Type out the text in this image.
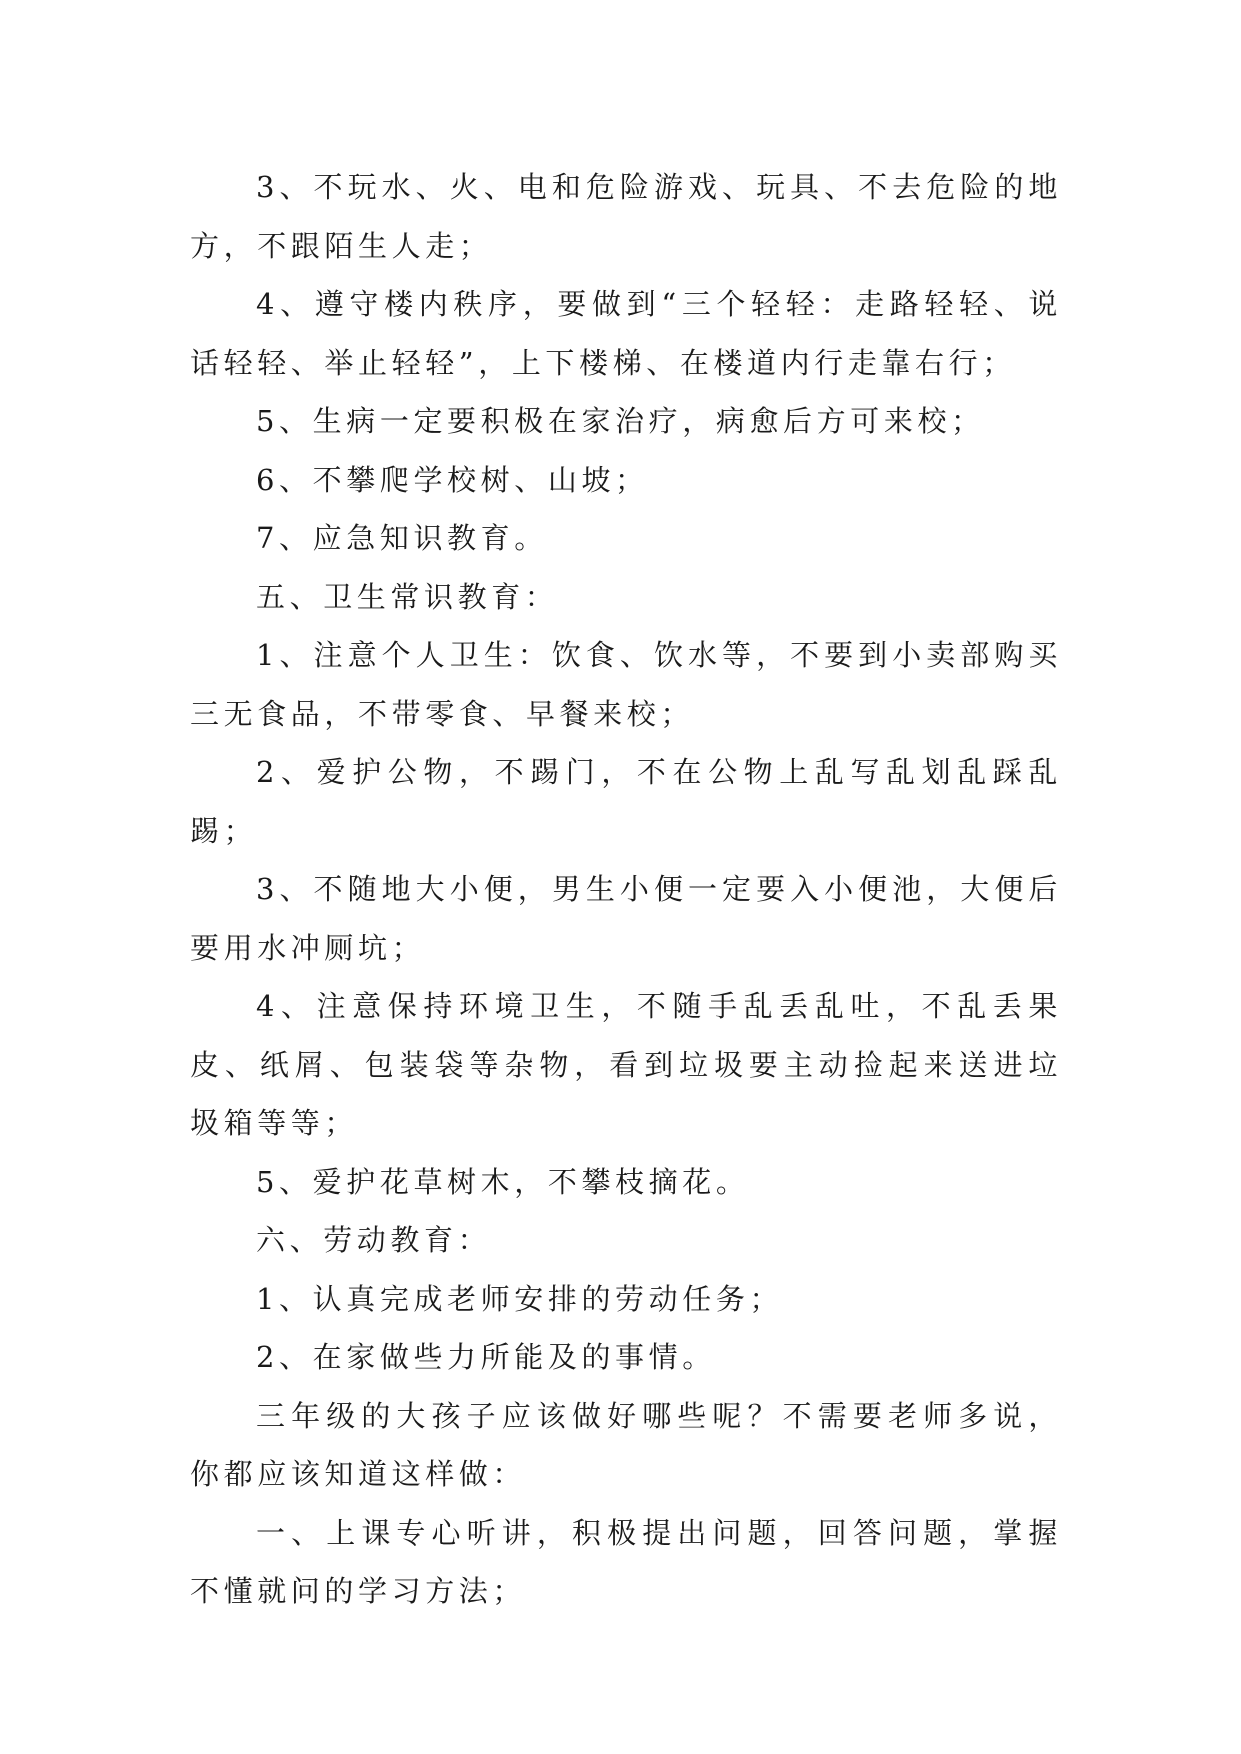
3、不玩水、火、电和危险游戏、玩具、不去危险的地方，不跟陌生人走；

4、遵守楼内秩序，要做到“三个轻轻：走路轻轻、说话轻轻、举止轻轻”，上下楼梯、在楼道内行走靠右行；

5、生病一定要积极在家治疗，病愈后方可来校；

6、不攀爬学校树、山坡；

7、应急知识教育。

五、卫生常识教育：

1、注意个人卫生：饮食、饮水等，不要到小卖部购买三无食品，不带零食、早餐来校；

2、爱护公物，不踢门，不在公物上乱写乱划乱踩乱踢；

3、不随地大小便，男生小便一定要入小便池，大便后要用水冲厕坑；

4、注意保持环境卫生，不随手乱丢乱吐，不乱丢果皮、纸屑、包装袋等杂物，看到垃圾要主动捡起来送进垃圾箱等等；

5、爱护花草树木，不攀枝摘花。

六、劳动教育：

1、认真完成老师安排的劳动任务；

2、在家做些力所能及的事情。

三年级的大孩子应该做好哪些呢？不需要老师多说，你都应该知道这样做：

一、上课专心听讲，积极提出问题，回答问题，掌握不懂就问的学习方法；
